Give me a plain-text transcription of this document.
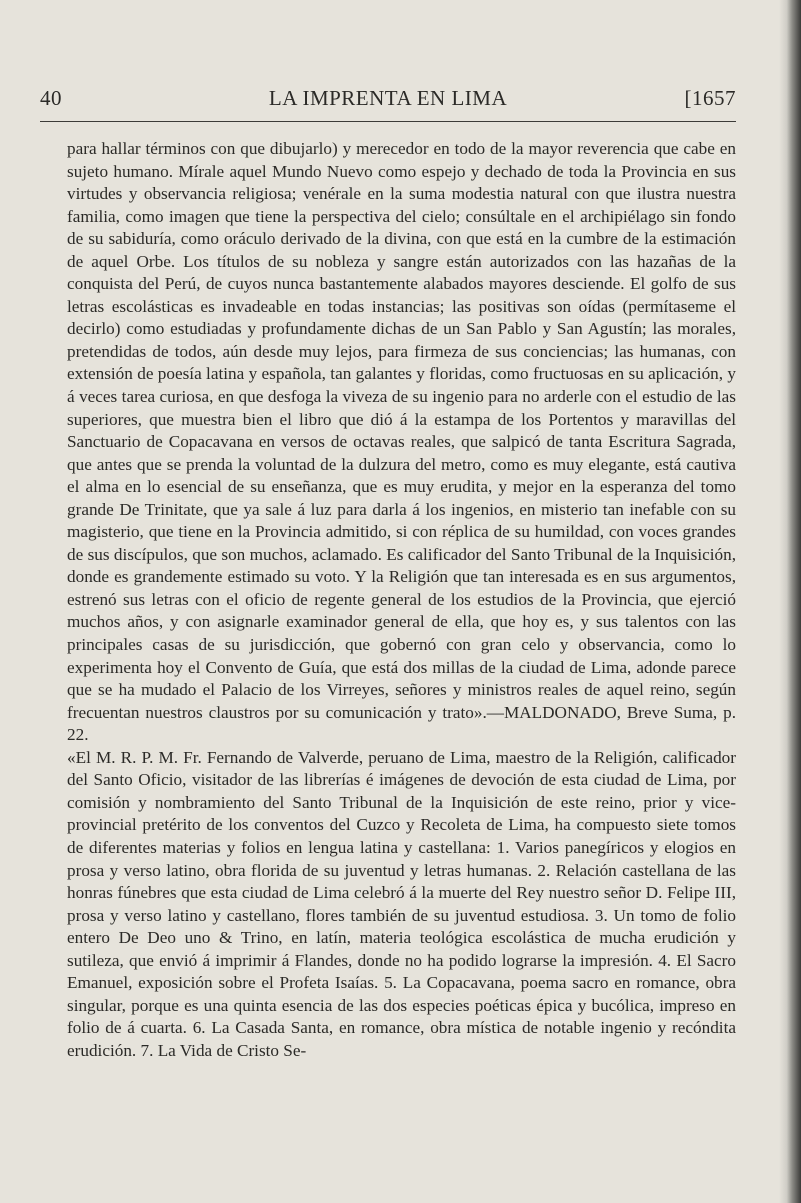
40	LA IMPRENTA EN LIMA	[1657

para hallar términos con que dibujarlo) y merecedor en todo de la mayor reverencia que cabe en sujeto humano. Mírale aquel Mundo Nuevo como espejo y dechado de toda la Provincia en sus virtudes y observancia religiosa; venérale en la suma modestia natural con que ilustra nuestra familia, como imagen que tiene la perspectiva del cielo; consúltale en el archipiélago sin fondo de su sabiduría, como oráculo derivado de la divina, con que está en la cumbre de la estimación de aquel Orbe. Los títulos de su nobleza y sangre están autorizados con las hazañas de la conquista del Perú, de cuyos nunca bastantemente alabados mayores desciende. El golfo de sus letras escolásticas es invadeable en todas instancias; las positivas son oídas (permítaseme el decirlo) como estudiadas y profundamente dichas de un San Pablo y San Agustín; las morales, pretendidas de todos, aún desde muy lejos, para firmeza de sus conciencias; las humanas, con extensión de poesía latina y española, tan galantes y floridas, como fructuosas en su aplicación, y á veces tarea curiosa, en que desfoga la viveza de su ingenio para no arderle con el estudio de las superiores, que muestra bien el libro que dió á la estampa de los Portentos y maravillas del Sanctuario de Copacavana en versos de octavas reales, que salpicó de tanta Escritura Sagrada, que antes que se prenda la voluntad de la dulzura del metro, como es muy elegante, está cautiva el alma en lo esencial de su enseñanza, que es muy erudita, y mejor en la esperanza del tomo grande De Trinitate, que ya sale á luz para darla á los ingenios, en misterio tan inefable con su magisterio, que tiene en la Provincia admitido, si con réplica de su humildad, con voces grandes de sus discípulos, que son muchos, aclamado. Es calificador del Santo Tribunal de la Inquisición, donde es grandemente estimado su voto. Y la Religión que tan interesada es en sus argumentos, estrenó sus letras con el oficio de regente general de los estudios de la Provincia, que ejerció muchos años, y con asignarle examinador general de ella, que hoy es, y sus talentos con las principales casas de su jurisdicción, que gobernó con gran celo y observancia, como lo experimenta hoy el Convento de Guía, que está dos millas de la ciudad de Lima, adonde parece que se ha mudado el Palacio de los Virreyes, señores y ministros reales de aquel reino, según frecuentan nuestros claustros por su comunicación y trato».—MALDONADO, Breve Suma, p. 22.

«El M. R. P. M. Fr. Fernando de Valverde, peruano de Lima, maestro de la Religión, calificador del Santo Oficio, visitador de las librerías é imágenes de devoción de esta ciudad de Lima, por comisión y nombramiento del Santo Tribunal de la Inquisición de este reino, prior y vice-provincial pretérito de los conventos del Cuzco y Recoleta de Lima, ha compuesto siete tomos de diferentes materias y folios en lengua latina y castellana: 1. Varios panegíricos y elogios en prosa y verso latino, obra florida de su juventud y letras humanas. 2. Relación castellana de las honras fúnebres que esta ciudad de Lima celebró á la muerte del Rey nuestro señor D. Felipe III, prosa y verso latino y castellano, flores también de su juventud estudiosa. 3. Un tomo de folio entero De Deo uno & Trino, en latín, materia teológica escolástica de mucha erudición y sutileza, que envió á imprimir á Flandes, donde no ha podido lograrse la impresión. 4. El Sacro Emanuel, exposición sobre el Profeta Isaías. 5. La Copacavana, poema sacro en romance, obra singular, porque es una quinta esencia de las dos especies poéticas épica y bucólica, impreso en folio de á cuarta. 6. La Casada Santa, en romance, obra mística de notable ingenio y recóndita erudición. 7. La Vida de Cristo Se-
